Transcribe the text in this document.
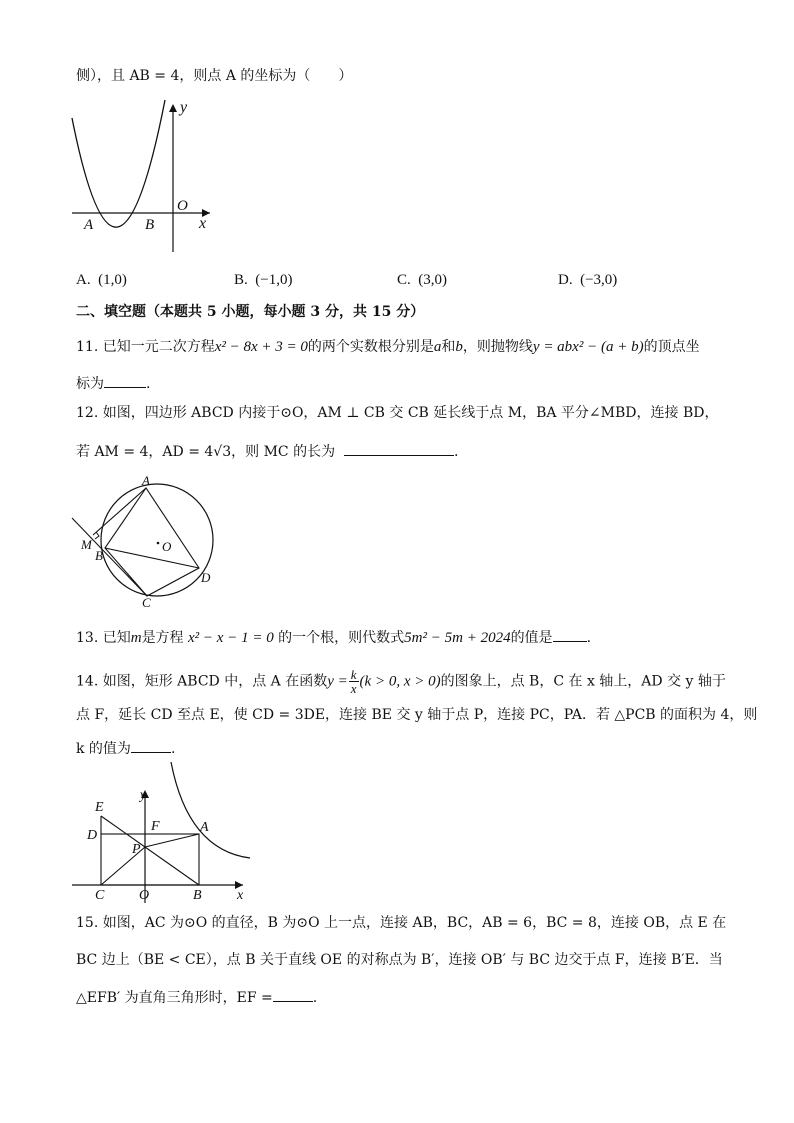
侧），且 AB = 4，则点 A 的坐标为（　　）
y
O
x
A	B
A. (1,0)	B. (−1,0)	C. (3,0)	D. (−3,0)
二、填空题（本题共 5 小题，每小题 3 分，共 15 分）
11. 已知一元二次方程x² − 8x + 3 = 0的两个实数根分别是a和b，则抛物线y = abx² − (a + b)的顶点坐
标为	.
12. 如图，四边形 ABCD 内接于⊙O，AM ⊥ CB 交 CB 延长线于点 M，BA 平分∠MBD，连接 BD，
若 AM = 4，AD = 4√3，则 MC 的长为	.
A
M
B
O
D
C
13. 已知m是方程 x² − x − 1 = 0 的一个根，则代数式5m² − 5m + 2024的值是 .
14. 如图，矩形 ABCD 中，点 A 在函数$y = \frac{k}{x} (k > 0$, x > 0)的图象上，点 B，C 在 x 轴上，AD 交 y 轴于
点 F，延长 CD 至点 E，使 CD = 3DE，连接 BE 交 y 轴于点 P，连接 PC，PA．若 △PCB 的面积为 4，则
k 的值为	.
y
E
D
F	A
P
C O	B	x
15. 如图，AC 为⊙O 的直径，B 为⊙O 上一点，连接 AB，BC，AB = 6，BC = 8，连接 OB，点 E 在
BC 边上（BE < CE），点 B 关于直线 OE 的对称点为 B′，连接 OB′ 与 BC 边交于点 F，连接 B′E．当
△EFB′ 为直角三角形时，EF =	.
